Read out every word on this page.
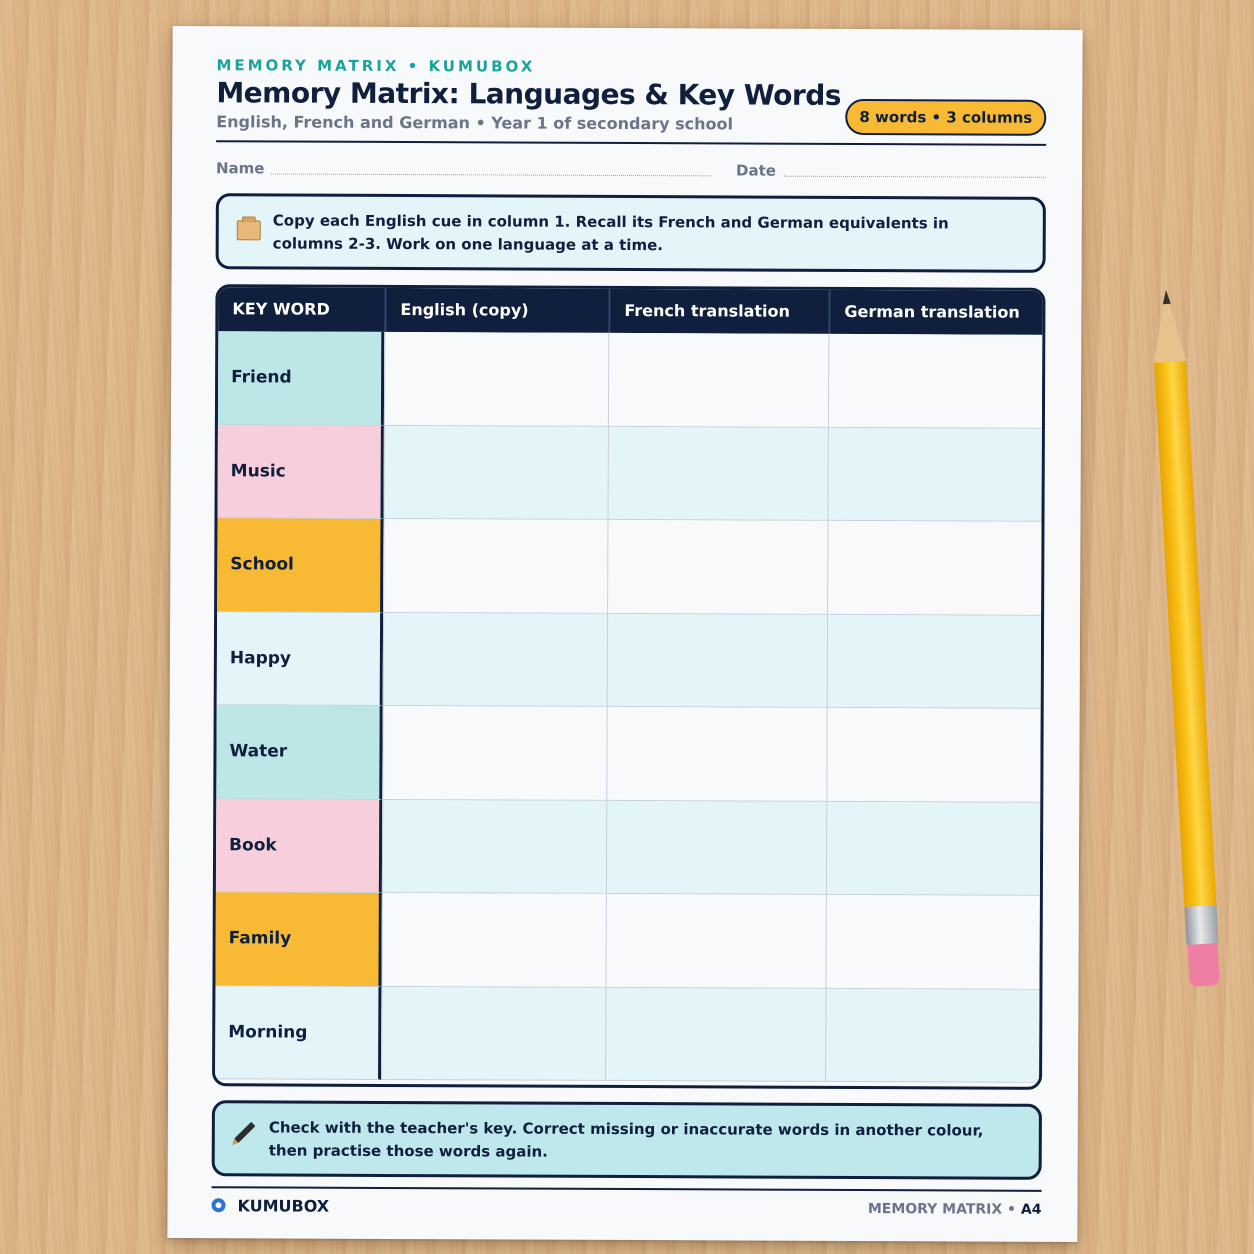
MEMORY MATRIX • KUMUBOX
Memory Matrix: Languages & Key Words
English, French and German • Year 1 of secondary school	8 words • 3 columns
Name	Date
Copy each English cue in column 1. Recall its French and German equivalents in columns 2-3. Work on one language at a time.
KEY WORD	English (copy)	French translation	German translation
Friend
Music
School
Happy
Water
Book
Family
Morning
Check with the teacher's key. Correct missing or inaccurate words in another colour, then practise those words again.
KUMUBOX	MEMORY MATRIX • A4
